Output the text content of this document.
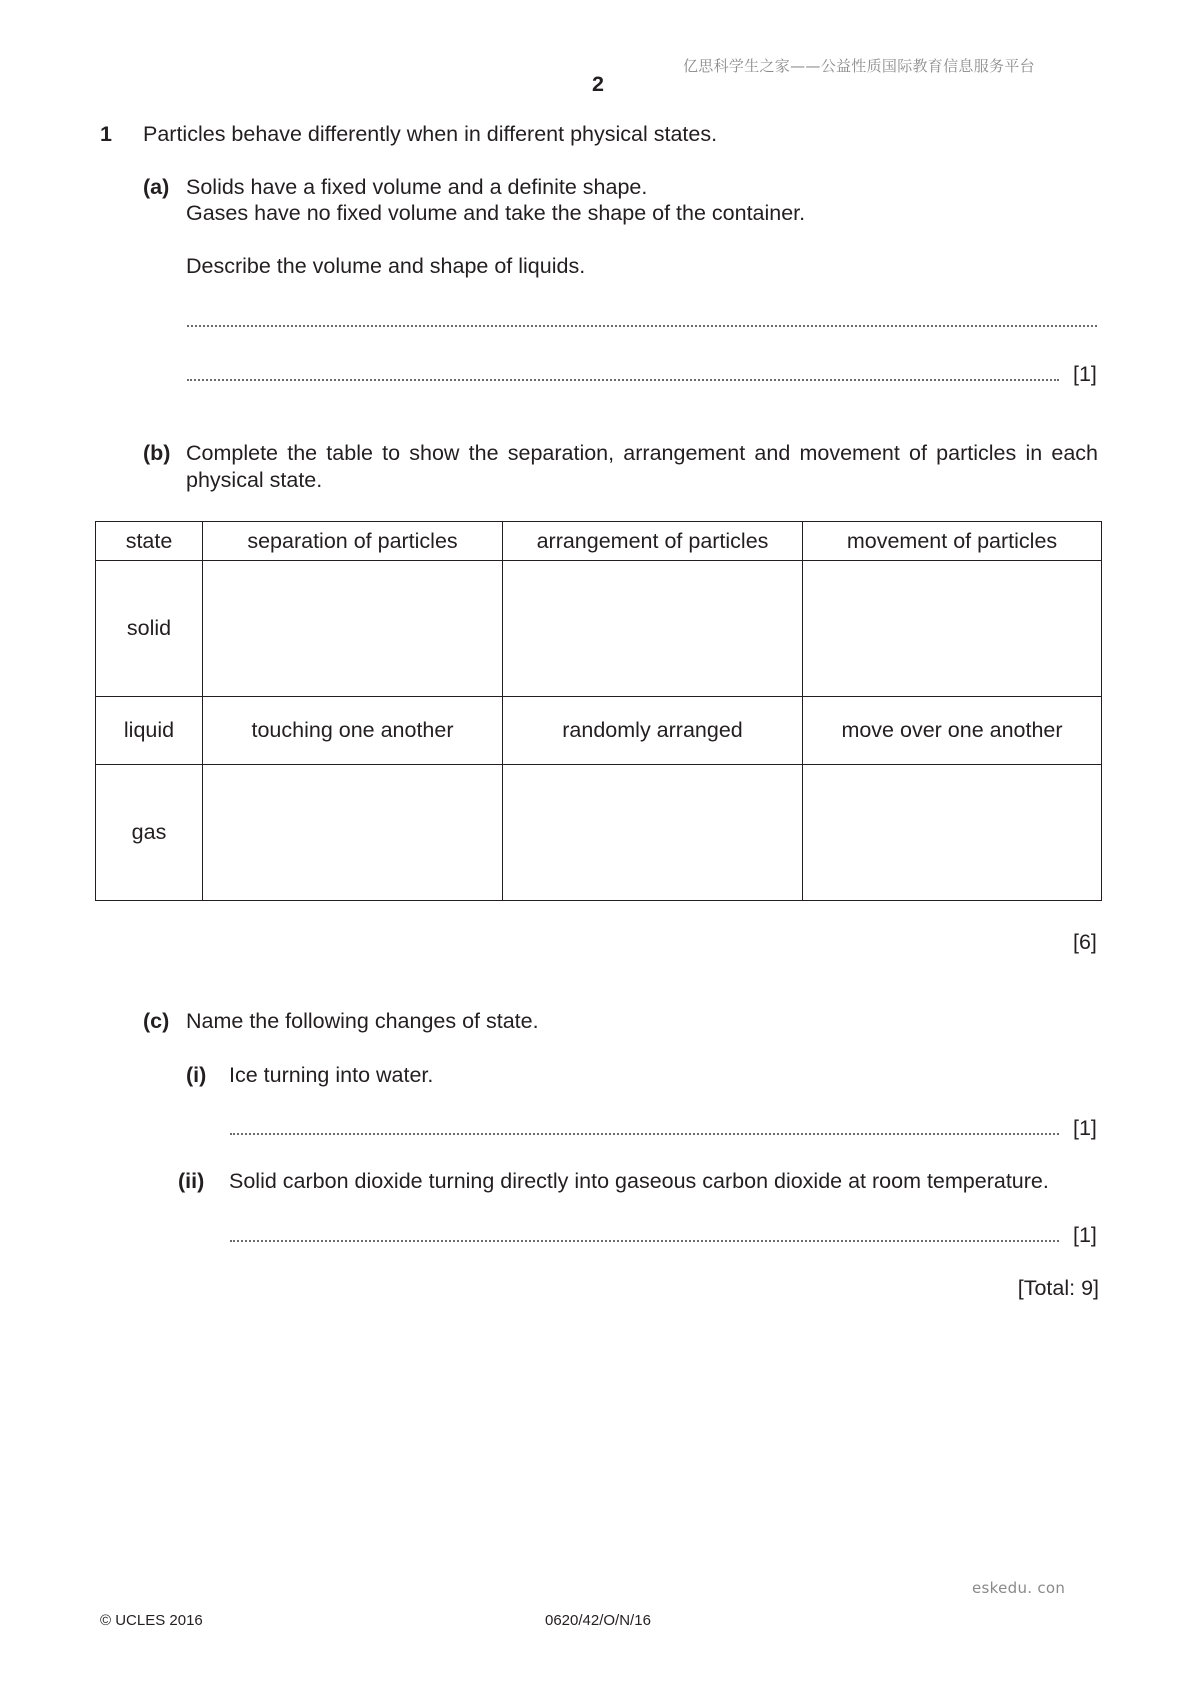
亿思科学生之家——公益性质国际教育信息服务平台
2
1 Particles behave differently when in different physical states.
(a) Solids have a fixed volume and a definite shape.
Gases have no fixed volume and take the shape of the container.
Describe the volume and shape of liquids.
[1]
(b) Complete the table to show the separation, arrangement and movement of particles in each
physical state.
state	separation of particles	arrangement of particles	movement of particles
solid			
liquid	touching one another	randomly arranged	move over one another
gas			
[6]
(c) Name the following changes of state.
(i) Ice turning into water.
[1]
(ii) Solid carbon dioxide turning directly into gaseous carbon dioxide at room temperature.
[1]
[Total: 9]
eskedu. con
© UCLES 2016	0620/42/O/N/16
